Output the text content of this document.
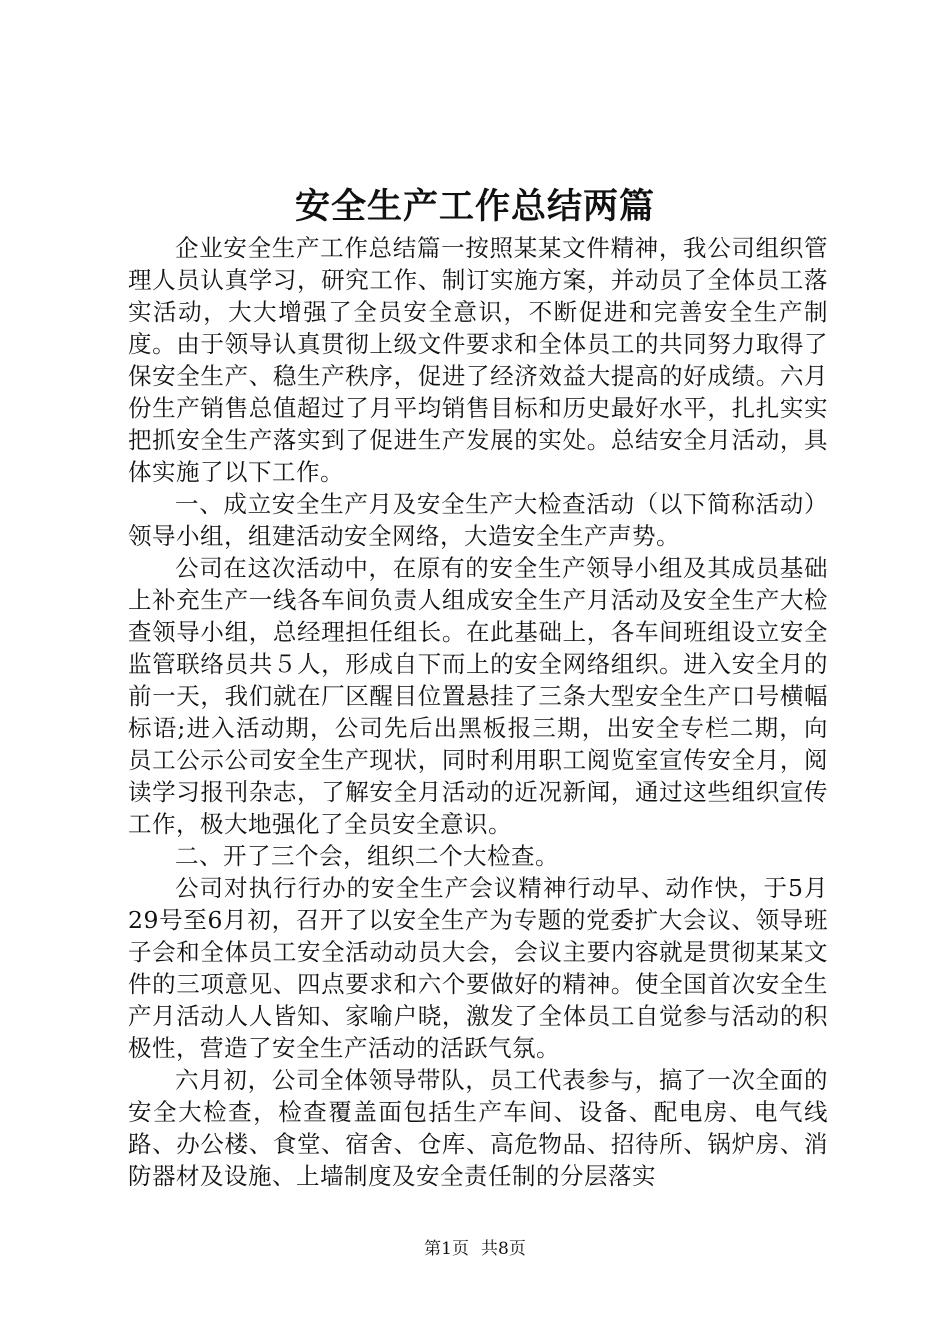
安全生产工作总结两篇

企业安全生产工作总结篇一按照某某文件精神，我公司组织管理人员认真学习，研究工作、制订实施方案，并动员了全体员工落实活动，大大增强了全员安全意识，不断促进和完善安全生产制度。由于领导认真贯彻上级文件要求和全体员工的共同努力取得了保安全生产、稳生产秩序，促进了经济效益大提高的好成绩。六月份生产销售总值超过了月平均销售目标和历史最好水平，扎扎实实把抓安全生产落实到了促进生产发展的实处。总结安全月活动，具体实施了以下工作。

一、成立安全生产月及安全生产大检查活动（以下简称活动）领导小组，组建活动安全网络，大造安全生产声势。

公司在这次活动中，在原有的安全生产领导小组及其成员基础上补充生产一线各车间负责人组成安全生产月活动及安全生产大检查领导小组，总经理担任组长。在此基础上，各车间班组设立安全监管联络员共５人，形成自下而上的安全网络组织。进入安全月的前一天，我们就在厂区醒目位置悬挂了三条大型安全生产口号横幅标语;进入活动期，公司先后出黑板报三期，出安全专栏二期，向员工公示公司安全生产现状，同时利用职工阅览室宣传安全月，阅读学习报刊杂志，了解安全月活动的近况新闻，通过这些组织宣传工作，极大地强化了全员安全意识。

二、开了三个会，组织二个大检查。

公司对执行行办的安全生产会议精神行动早、动作快，于5月29号至6月初，召开了以安全生产为专题的党委扩大会议、领导班子会和全体员工安全活动动员大会，会议主要内容就是贯彻某某文件的三项意见、四点要求和六个要做好的精神。使全国首次安全生产月活动人人皆知、家喻户晓，激发了全体员工自觉参与活动的积极性，营造了安全生产活动的活跃气氛。

六月初，公司全体领导带队，员工代表参与，搞了一次全面的安全大检查，检查覆盖面包括生产车间、设备、配电房、电气线路、办公楼、食堂、宿舍、仓库、高危物品、招待所、锅炉房、消防器材及设施、上墙制度及安全责任制的分层落实

第1页 共8页
